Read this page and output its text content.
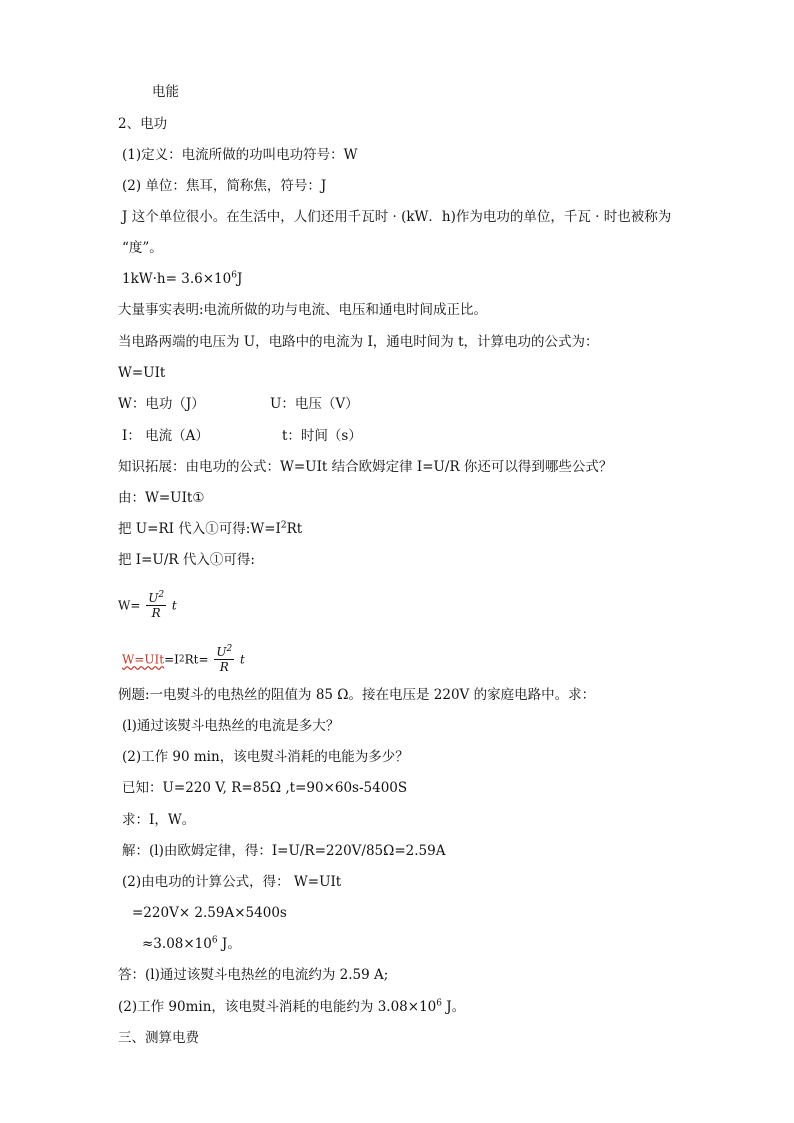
电能
2、电功
(1)定义：电流所做的功叫电功符号：W
(2) 单位：焦耳，简称焦，符号：J
J 这个单位很小。在生活中，人们还用千瓦时 · (kW．h)作为电功的单位，千瓦 · 时也被称为
“度”。
$1kW\cdot h= 3.6\times 10^6J$
大量事实表明:电流所做的功与电流、电压和通电时间成正比。
当电路两端的电压为 U，电路中的电流为 I，通电时间为 t，计算电功的公式为：
W=UIt
W：电功（J）	U：电压（V）
I： 电流（A）	t：时间（s）
知识拓展：由电功的公式：W=UIt 结合欧姆定律 I=U/R 你还可以得到哪些公式？
由：W=UIt①
把 U=RI 代入①可得$:W=I^2Rt$
把 I=U/R 代入①可得:
$W= \frac{U^2}{R}$ t
$W=UIt=I2Rt= \frac{U^2}{R}$ t
例题:一电熨斗的电热丝的阻值为 85 Ω。接在电压是 220V 的家庭电路中。求：
(l)通过该熨斗电热丝的电流是多大？
(2)工作 90 min，该电熨斗消耗的电能为多少？
已知：U=220 V, R=85Ω ,t=90×60s-5400S
求：I，W。
解：(l)由欧姆定律，得：I=U/R=220V/85Ω=2.59A
(2)由电功的计算公式，得： W=UIt
=220V× 2.59A×5400s
$\approx 3.08\times 10^6$ J。
答：(l)通过该熨斗电热丝的电流约为 2.59 A;
(2)工作 90min，该电熨斗消耗的电能约为 $3.08\times 10^6$ J。
三、测算电费
